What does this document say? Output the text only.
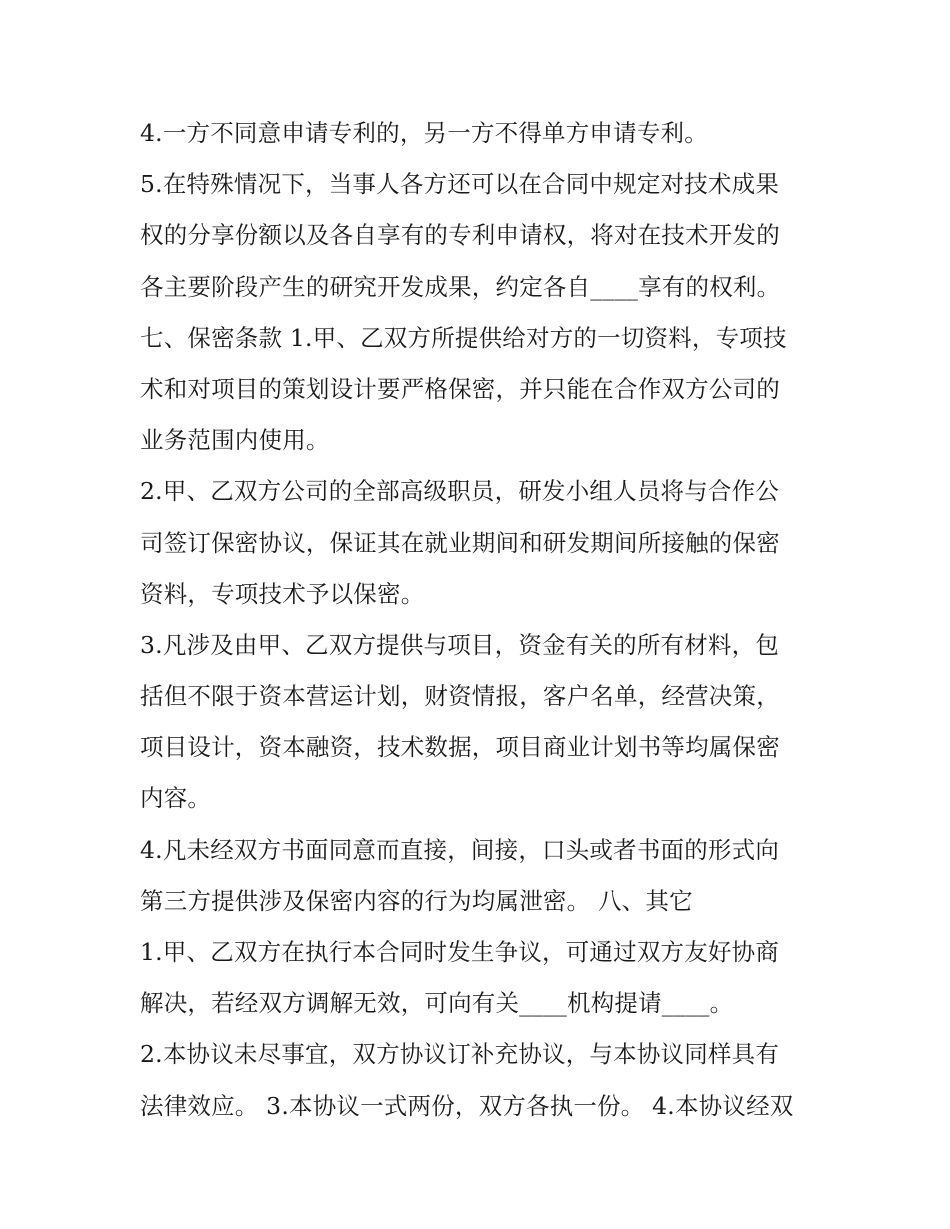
4.一方不同意申请专利的，另一方不得单方申请专利。
5.在特殊情况下，当事人各方还可以在合同中规定对技术成果
权的分享份额以及各自享有的专利申请权，将对在技术开发的
各主要阶段产生的研究开发成果，约定各自____享有的权利。
七、保密条款 1.甲、乙双方所提供给对方的一切资料，专项技
术和对项目的策划设计要严格保密，并只能在合作双方公司的
业务范围内使用。
2.甲、乙双方公司的全部高级职员，研发小组人员将与合作公
司签订保密协议，保证其在就业期间和研发期间所接触的保密
资料，专项技术予以保密。
3.凡涉及由甲、乙双方提供与项目，资金有关的所有材料，包
括但不限于资本营运计划，财资情报，客户名单，经营决策，
项目设计，资本融资，技术数据，项目商业计划书等均属保密
内容。
4.凡未经双方书面同意而直接，间接，口头或者书面的形式向
第三方提供涉及保密内容的行为均属泄密。 八、其它
1.甲、乙双方在执行本合同时发生争议，可通过双方友好协商
解决，若经双方调解无效，可向有关____机构提请____。
2.本协议未尽事宜，双方协议订补充协议，与本协议同样具有
法律效应。 3.本协议一式两份，双方各执一份。 4.本协议经双
